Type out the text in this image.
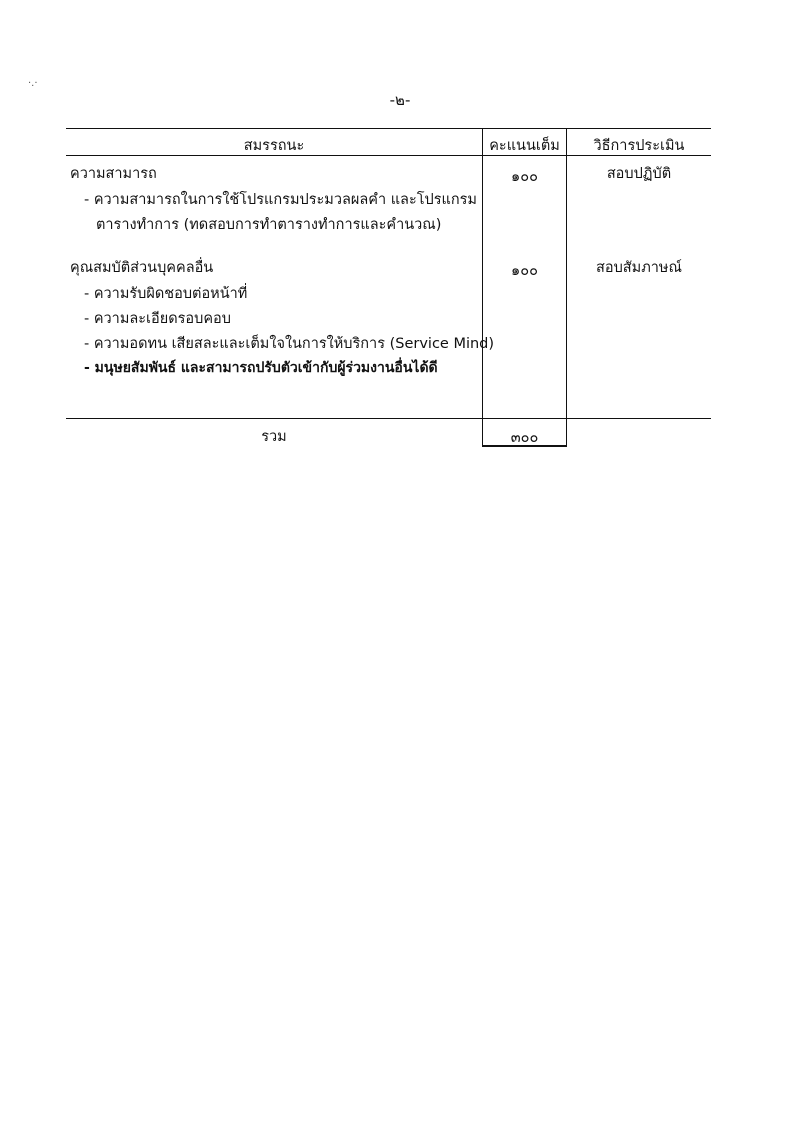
·.·
-๒-
สมรรถนะ	คะแนนเต็ม	วิธีการประเมิน
ความสามารถ	๑๐๐	สอบปฏิบัติ
- ความสามารถในการใช้โปรแกรมประมวลผลคำ และโปรแกรม
ตารางทำการ (ทดสอบการทำตารางทำการและคำนวณ)
คุณสมบัติส่วนบุคคลอื่น	๑๐๐	สอบสัมภาษณ์
- ความรับผิดชอบต่อหน้าที่
- ความละเอียดรอบคอบ
- ความอดทน เสียสละและเต็มใจในการให้บริการ (Service Mind)
- มนุษยสัมพันธ์ และสามารถปรับตัวเข้ากับผู้ร่วมงานอื่นได้ดี
รวม	๓๐๐
